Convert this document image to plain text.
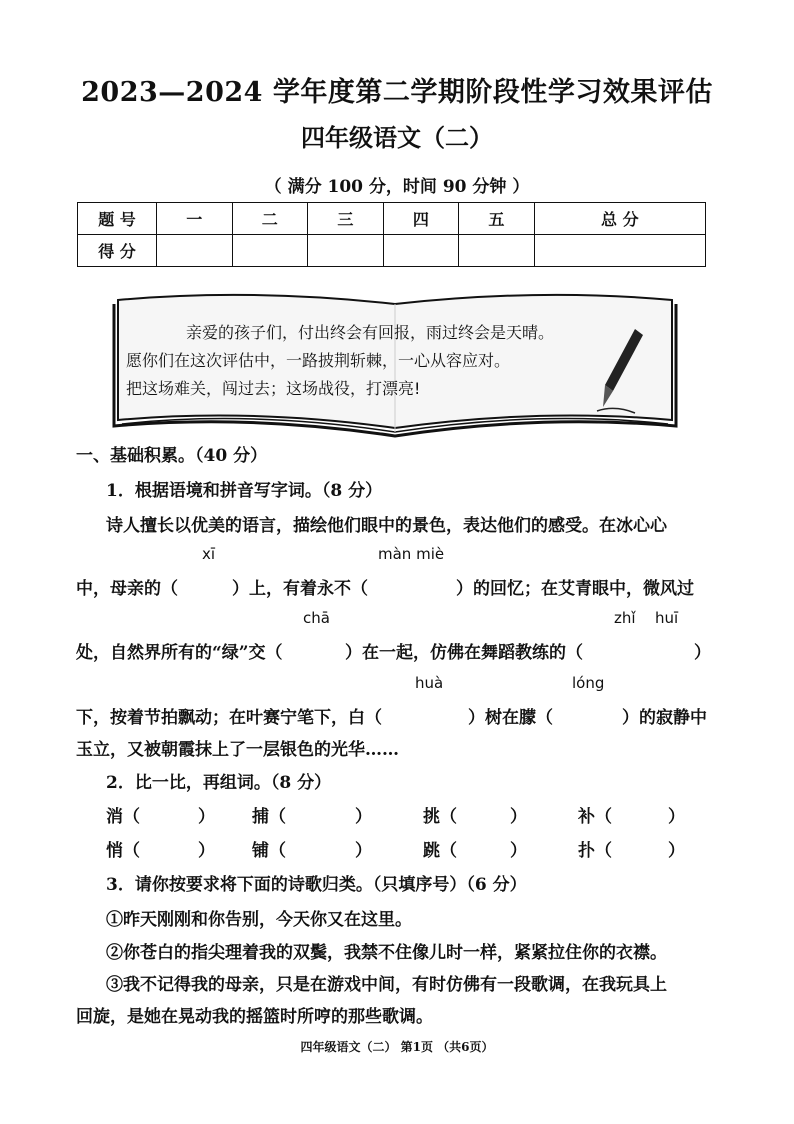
2023—2024 学年度第二学期阶段性学习效果评估
四年级语文（二）
（ 满分 100 分，时间 90 分钟 ）
题 号	一	二	三	四	五	总 分
得 分						
亲爱的孩子们，付出终会有回报，雨过终会是天晴。
愿你们在这次评估中，一路披荆斩棘，一心从容应对。
把这场难关，闯过去；这场战役，打漂亮!
一、基础积累。（40 分）
1．根据语境和拼音写字词。（8 分）
诗人擅长以优美的语言，描绘他们眼中的景色，表达他们的感受。在冰心心
xī	màn miè
中，母亲的（	）上，有着永不（	）的回忆；在艾青眼中，微风过
chā	zhǐ huī
处，自然界所有的“绿”交（	）在一起，仿佛在舞蹈教练的（	）
huà	lóng
下，按着节拍飘动；在叶赛宁笔下，白（	）树在朦（	）的寂静中
玉立，又被朝霞抹上了一层银色的光华……
2．比一比，再组词。（8 分）
消（	） 捕（	）	挑（	）	补（	）
悄（	） 铺（	）	跳（	）	扑（	）
3．请你按要求将下面的诗歌归类。（只填序号）（6 分）
①昨天刚刚和你告别，今天你又在这里。
②你苍白的指尖理着我的双鬓，我禁不住像儿时一样，紧紧拉住你的衣襟。
③我不记得我的母亲，只是在游戏中间，有时仿佛有一段歌调，在我玩具上
回旋，是她在晃动我的摇篮时所哼的那些歌调。
四年级语文（二） 第1页 （共6页）
